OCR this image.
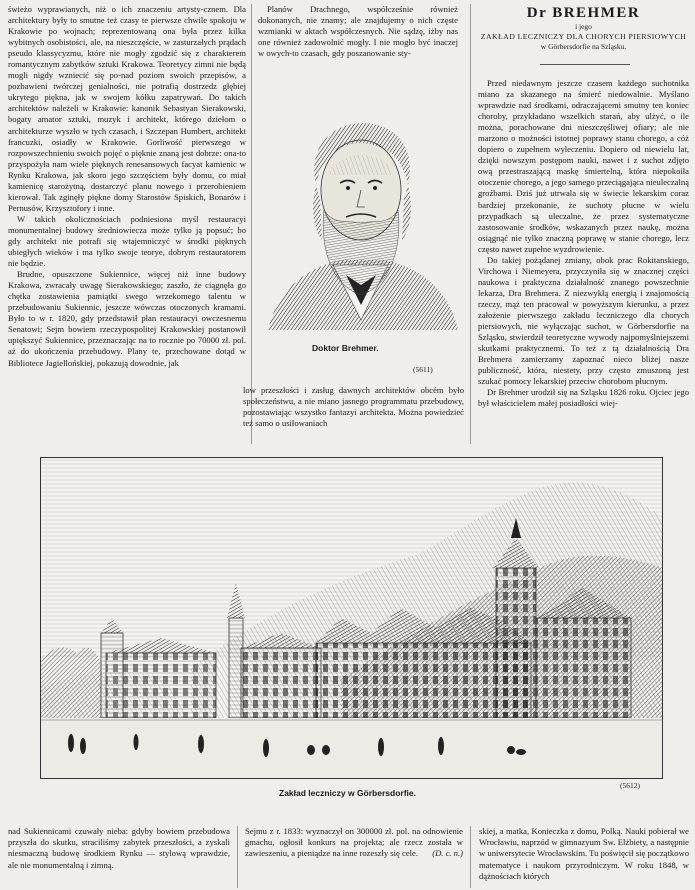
świeżo wyprawianych, niż o ich znaczeniu artysty-cznem. Dla architektury były to smutne też czasy te pierwsze chwile spokoju w Krakowie po wojnach; reprezentowaną ona była przez kilka wybitnych osobistości, ale, na nieszczęście, w zasturzałych prądach pseudo klassycyzmu, które nie mogły zgodzić się z charakterem romantycznym zabytków sztuki Krakowa. Teoretycy zimni nie będą mogli nigdy wzniecić się po-nad poziom swoich przepisów, a pozbawieni twórczej genialności, nie potrafią dostrzedz głębiej ukrytego piękna, jak w swojem kółku zapatrywań. Do takich architektów należeli w Krakowie: kanonik Sebastyan Sierakowski, bogaty amator sztuki, muzyk i architekt, którego dziełom o architekturze wyszło w tych czasach, i Szczepan Humbert, architekt francuzki, osiadły w Krakowie. Gorliwość pierwszego w rozpowszechnieniu swoich pojęć o pięknie znaną jest dobrze: ona-to przyspożyła nam wiele pięknych renesansowych facyat kamienic w Rynku Krakowa, jak skoro jego szczęściem były domu, co miał kamienicę starożytną, dostarczyć planu nowego i przerobieniem kierował. Tak zginęły piękne domy Starostów Spiskich, Bonarów i Pernusów, Krzysztofory i inne.

W takich okolicznościach podniesiona myśl restauracyi monumentalnej budowy średniowiecza może tylko ją popsuć; bo gdy architekt nie potrafi się wtajemniczyć w środki pięknych ubiegłych wieków i ma tylko swoje teorye, dobrym restauratorem nie będzie.

Brudne, opuszczone Sukiennice, więcej niż inne budowy Krakowa, zwracały uwagę Sierakowskiego; zaszło, że ciągnęła go chętka zostawienia pamiątki swego wrzekomego talentu w przebudowaniu Sukiennic, jeszcze wówczas otoczonych kramami. Było to w r. 1820, gdy przedstawił plan restauracyi owczesnemu Senatowi; Sejm bowiem rzeczypospolitej Krakowskiej postanowił upiększyć Sukiennice, przeznaczając na to rocznie po 70000 zł. pol. aż do ukończenia przebudowy. Plany te, przechowane dotąd w Bibliotece Jagiellońskiej, pokazują dowodnie, jak

Planów Drachnego, współcześnie również dokonanych, nie znamy; ale znajdujemy o nich częste wzmianki w aktach współczesnych. Nie sądzę, iżby nas one również zadowolnić mogły. I nie mogło być inaczej w owych-to czasach, gdy poszanowanie sty-

Doktor Brehmer.
(5611)

low przeszłości i zasług dawnych architektów obcém było społeczeństwu, a nie miano jasnego programmatu przebudowy, pozostawiając wszystko fantazyi architekta. Można powiedzieć też samo o usiłowaniach

Dr BREHMER
i jego
ZAKŁAD LECZNICZY DLA CHORYCH PIERSIOWYCH
w Görbersdorfie na Szląsku.

Przed niedawnym jeszcze czasem każdego suchotnika miano za skazanego na śmierć niedowalnie. Myślano wprawdzie nad środkami, odraczającemi smutny ten koniec choroby, przykładano wszelkich starań, aby ulżyć, o ile można, porachowane dni nieszczęśliwej ofiary; ale nie marzono o możności istotnej poprawy stanu chorego, a cóż dopiero o zupełnem wyleczeniu. Dopiero od niewielu lat, dzięki nowszym postępom nauki, nawet i z suchot zdjęto ową przestraszającą maskę śmiertelną, która niepokoiła otoczenie chorego, a jego samego przeciągająca nieuleczalną groźbami. Dziś już utrwala się w świecie lekarskim coraz bardziej przekonanie, że suchoty płucne w wielu przypadkach są uleczalne, że przez systematyczne zastosowanie środków, wskazanych przez naukę, można osiągnąć nie tylko znaczną poprawę w stanie chorego, lecz często nawet zupełne wyzdrowienie.

Do takiej pożądanej zmiany, obok prac Rokitanskiego, Virchowa i Niemeyera, przyczyniła się w znacznej części naukowa i praktyczna działalność znanego powszechnie lekarza, Dra Brehmera. Z niezwykłą energią i znajomością rzeczy, mąż ten pracował w powyższym kierunku, a przez założenie pierwszego zakładu leczniczego dla chorych piersiowych, nie wyłączając suchot, w Görbersdorfie na Szląsku, stwierdził teoretyczne wywody najpomyślniejszemi skutkami praktycznemi. To też z tą działalnością Dra Brehmera zamierzamy zapoznać nieco bliżej nasze publiczność, która, niestety, przy często zmuszoną jest szukać pomocy lekarskiej przeciw chorobom płucnym.

Dr Brehmer urodził się na Szląsku 1826 roku. Ojciec jego był właścicielem małej posiadłości wiej-

(5612)
Zakład leczniczy w Görbersdorfie.
nad Sukiennicami czuwały nieba: gdyby bowiem przebudowa przyszła do skutku, straciliśmy zabytek przeszłości, a zyskali niesmaczną budowę środkiem Rynku — stylową wprawdzie, ale nie monumentalną i zimną.
Sejmu z r. 1833: wyznaczył on 300000 zł. pol. na odnowienie gmachu, ogłosił konkurs na projekta; ale rzecz została w zawieszeniu, a pieniądze na inne rozeszły się cele. (D. c. n.)
skiej, a matka, Konieczka z domu, Polką. Nauki pobierał we Wrocławiu, naprzód w gimnazyum Sw. Elżbiety, a następnie w uniwersytecie Wrocławskim. Tu poświęcił się początkowo matematyce i naukom przyrodniczym. W roku 1848, w dążnościach których
